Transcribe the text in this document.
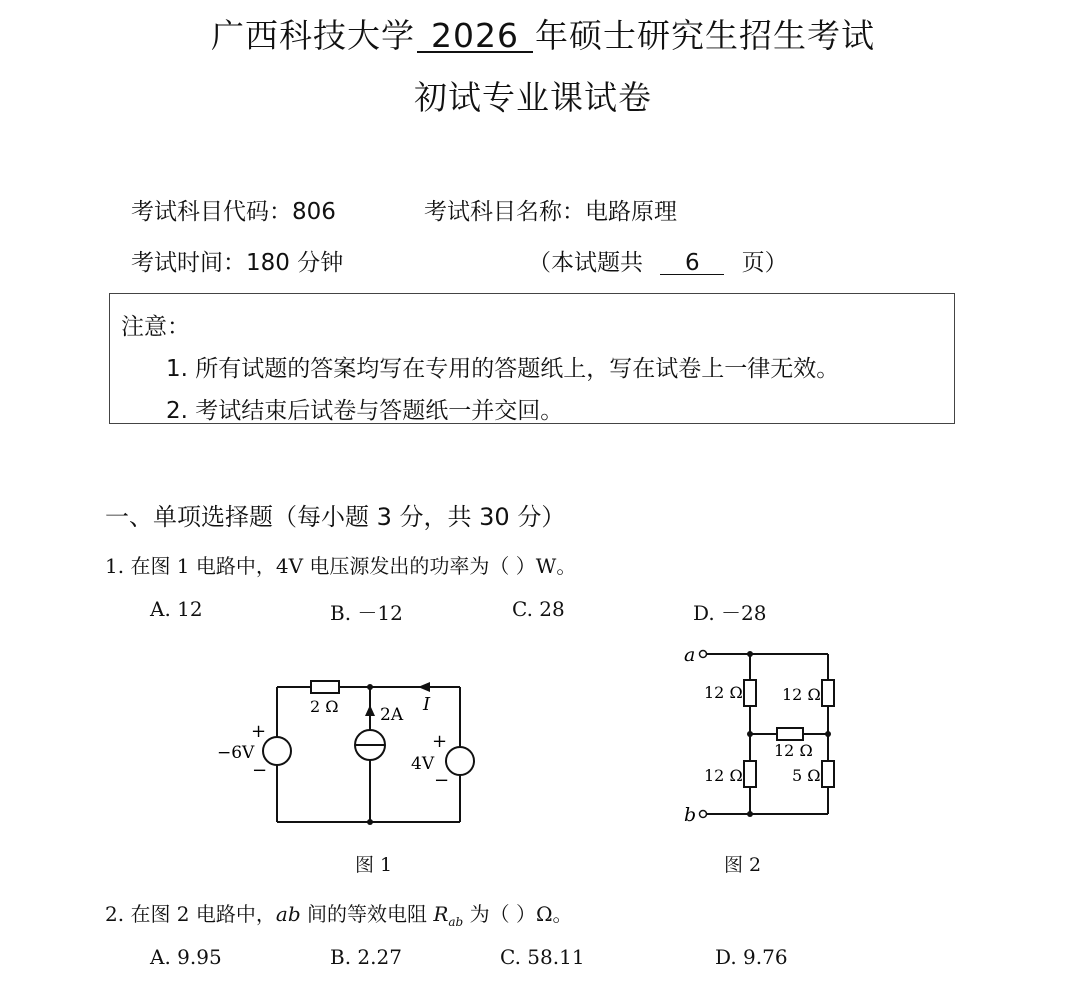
广西科技大学 2026 年硕士研究生招生考试
初试专业课试卷
考试科目代码：806	考试科目名称：电路原理
考试时间：180 分钟	（本试题共 6 页）
注意：
1. 所有试题的答案均写在专用的答题纸上，写在试卷上一律无效。
2. 考试结束后试卷与答题纸一并交回。
一、单项选择题（每小题 3 分，共 30 分）
1. 在图 1 电路中，4V 电压源发出的功率为（ ）W。
A. 12	B. －12	C. 28	D. －28
2 Ω 2A I
+
−6V
−
+
4V
−
图 1
a
b
12 Ω 12 Ω
12 Ω
12 Ω	5 Ω
图 2
2. 在图 2 电路中，ab 间的等效电阻 $R_{ab}$ 为（ ）Ω。
A. 9.95	B. 2.27	C. 58.11	D. 9.76
